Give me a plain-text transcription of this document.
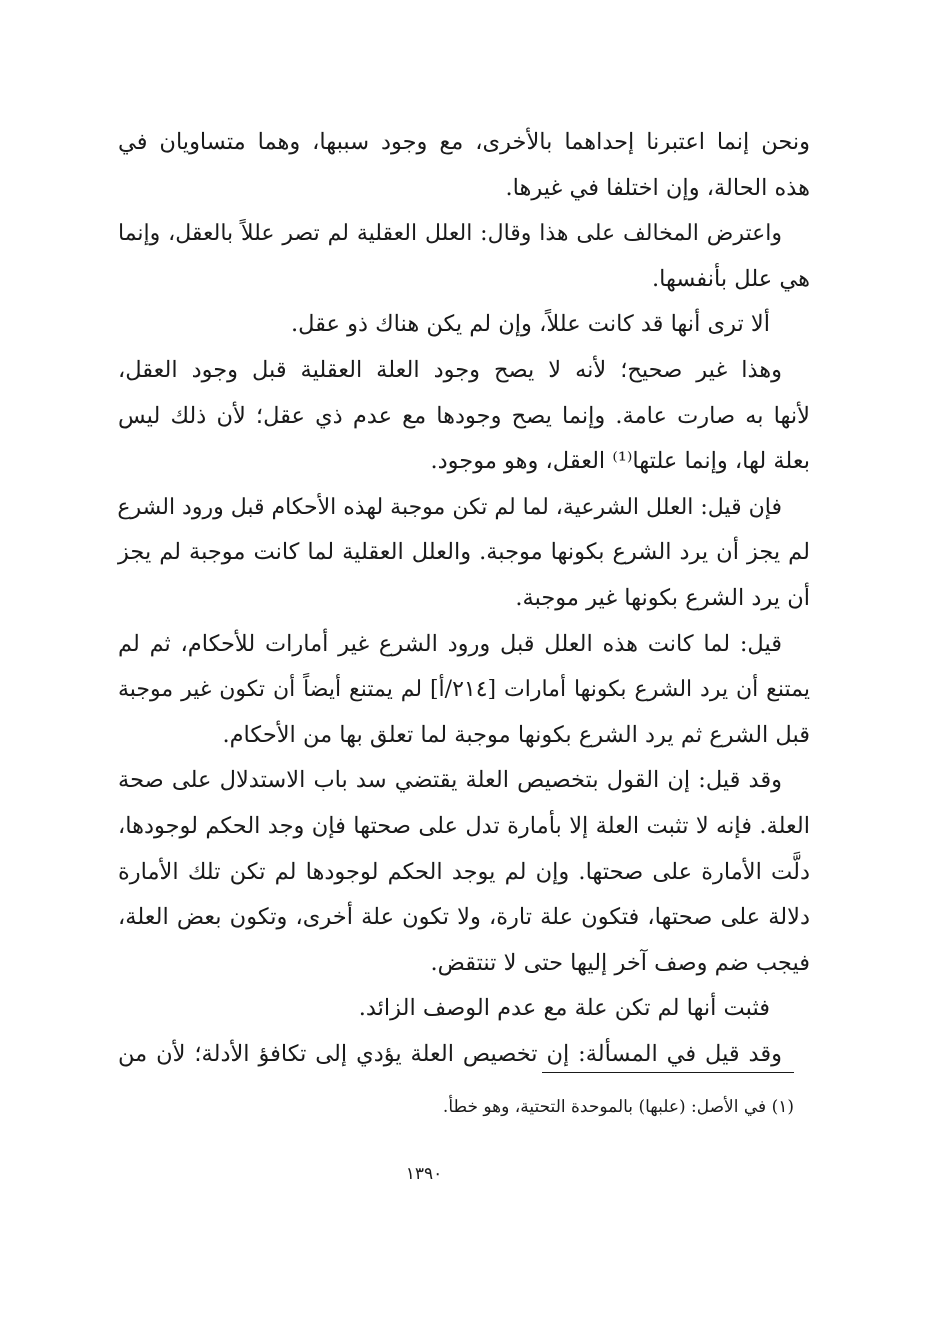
ونحن إنما اعتبرنا إحداهما بالأخرى، مع وجود سببها، وهما متساويان في
هذه الحالة، وإن اختلفا في غيرها.
واعترض المخالف على هذا وقال: العلل العقلية لم تصر عللاً بالعقل، وإنما
هي علل بأنفسها.
ألا ترى أنها قد كانت عللاً، وإن لم يكن هناك ذو عقل.
وهذا غير صحيح؛ لأنه لا يصح وجود العلة العقلية قبل وجود العقل،
لأنها به صارت عامة. وإنما يصح وجودها مع عدم ذي عقل؛ لأن ذلك ليس
بعلة لها، وإنما علتها⁽¹⁾ العقل، وهو موجود.
فإن قيل: العلل الشرعية، لما لم تكن موجبة لهذه الأحكام قبل ورود الشرع
لم يجز أن يرد الشرع بكونها موجبة. والعلل العقلية لما كانت موجبة لم يجز
أن يرد الشرع بكونها غير موجبة.
قيل: لما كانت هذه العلل قبل ورود الشرع غير أمارات للأحكام، ثم لم
يمتنع أن يرد الشرع بكونها أمارات [٢١٤/أ] لم يمتنع أيضاً أن تكون غير موجبة
قبل الشرع ثم يرد الشرع بكونها موجبة لما تعلق بها من الأحكام.
وقد قيل: إن القول بتخصيص العلة يقتضي سد باب الاستدلال على صحة
العلة. فإنه لا تثبت العلة إلا بأمارة تدل على صحتها فإن وجد الحكم لوجودها،
دلَّت الأمارة على صحتها. وإن لم يوجد الحكم لوجودها لم تكن تلك الأمارة
دلالة على صحتها، فتكون علة تارة، ولا تكون علة أخرى، وتكون بعض العلة،
فيجب ضم وصف آخر إليها حتى لا تنتقض.
فثبت أنها لم تكن علة مع عدم الوصف الزائد.
وقد قيل في المسألة: إن تخصيص العلة يؤدي إلى تكافؤ الأدلة؛ لأن من
(١) في الأصل: (علبها) بالموحدة التحتية، وهو خطأ.
١٣٩٠
